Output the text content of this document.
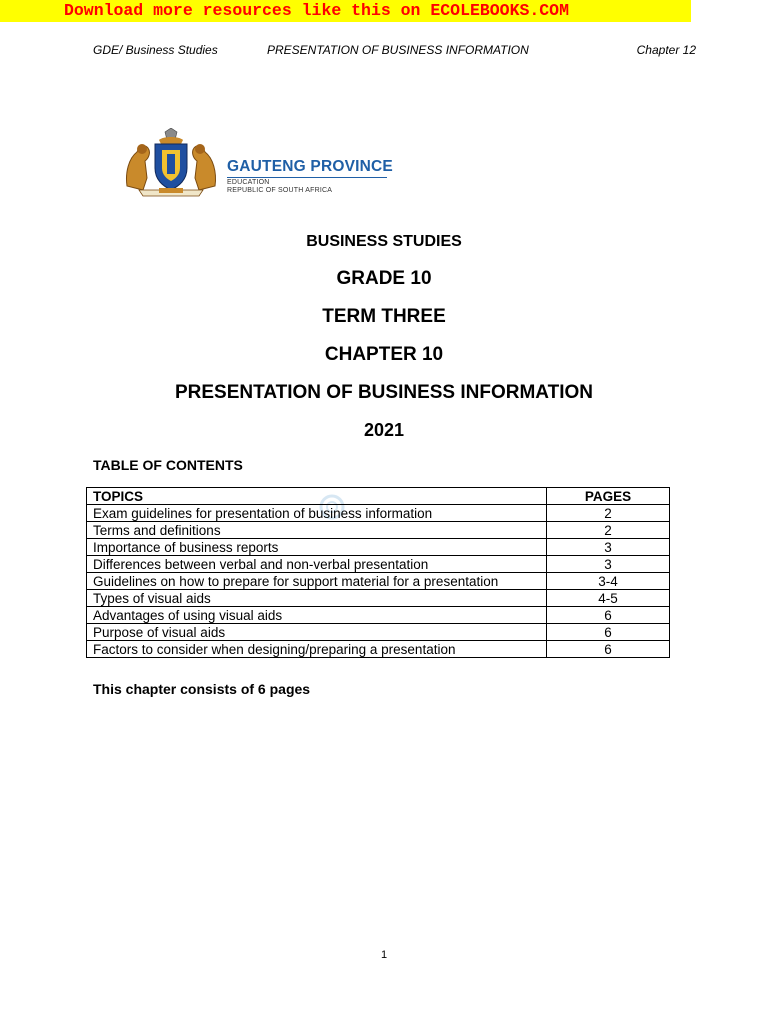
Download more resources like this on ECOLEBOOKS.COM
GDE/ Business Studies	PRESENTATION OF BUSINESS INFORMATION	Chapter 12
GAUTENG PROVINCE
EDUCATION
REPUBLIC OF SOUTH AFRICA
BUSINESS STUDIES
GRADE 10
TERM THREE
CHAPTER 10
PRESENTATION OF BUSINESS INFORMATION
2021
TABLE OF CONTENTS
TOPICS	PAGES
Exam guidelines for presentation of business information	2
Terms and definitions	2
Importance of business reports	3
Differences between verbal and non-verbal presentation	3
Guidelines on how to prepare for support material for a presentation	3-4
Types of visual aids	4-5
Advantages of using visual aids	6
Purpose of visual aids	6
Factors to consider when designing/preparing a presentation	6
This chapter consists of 6 pages
1
